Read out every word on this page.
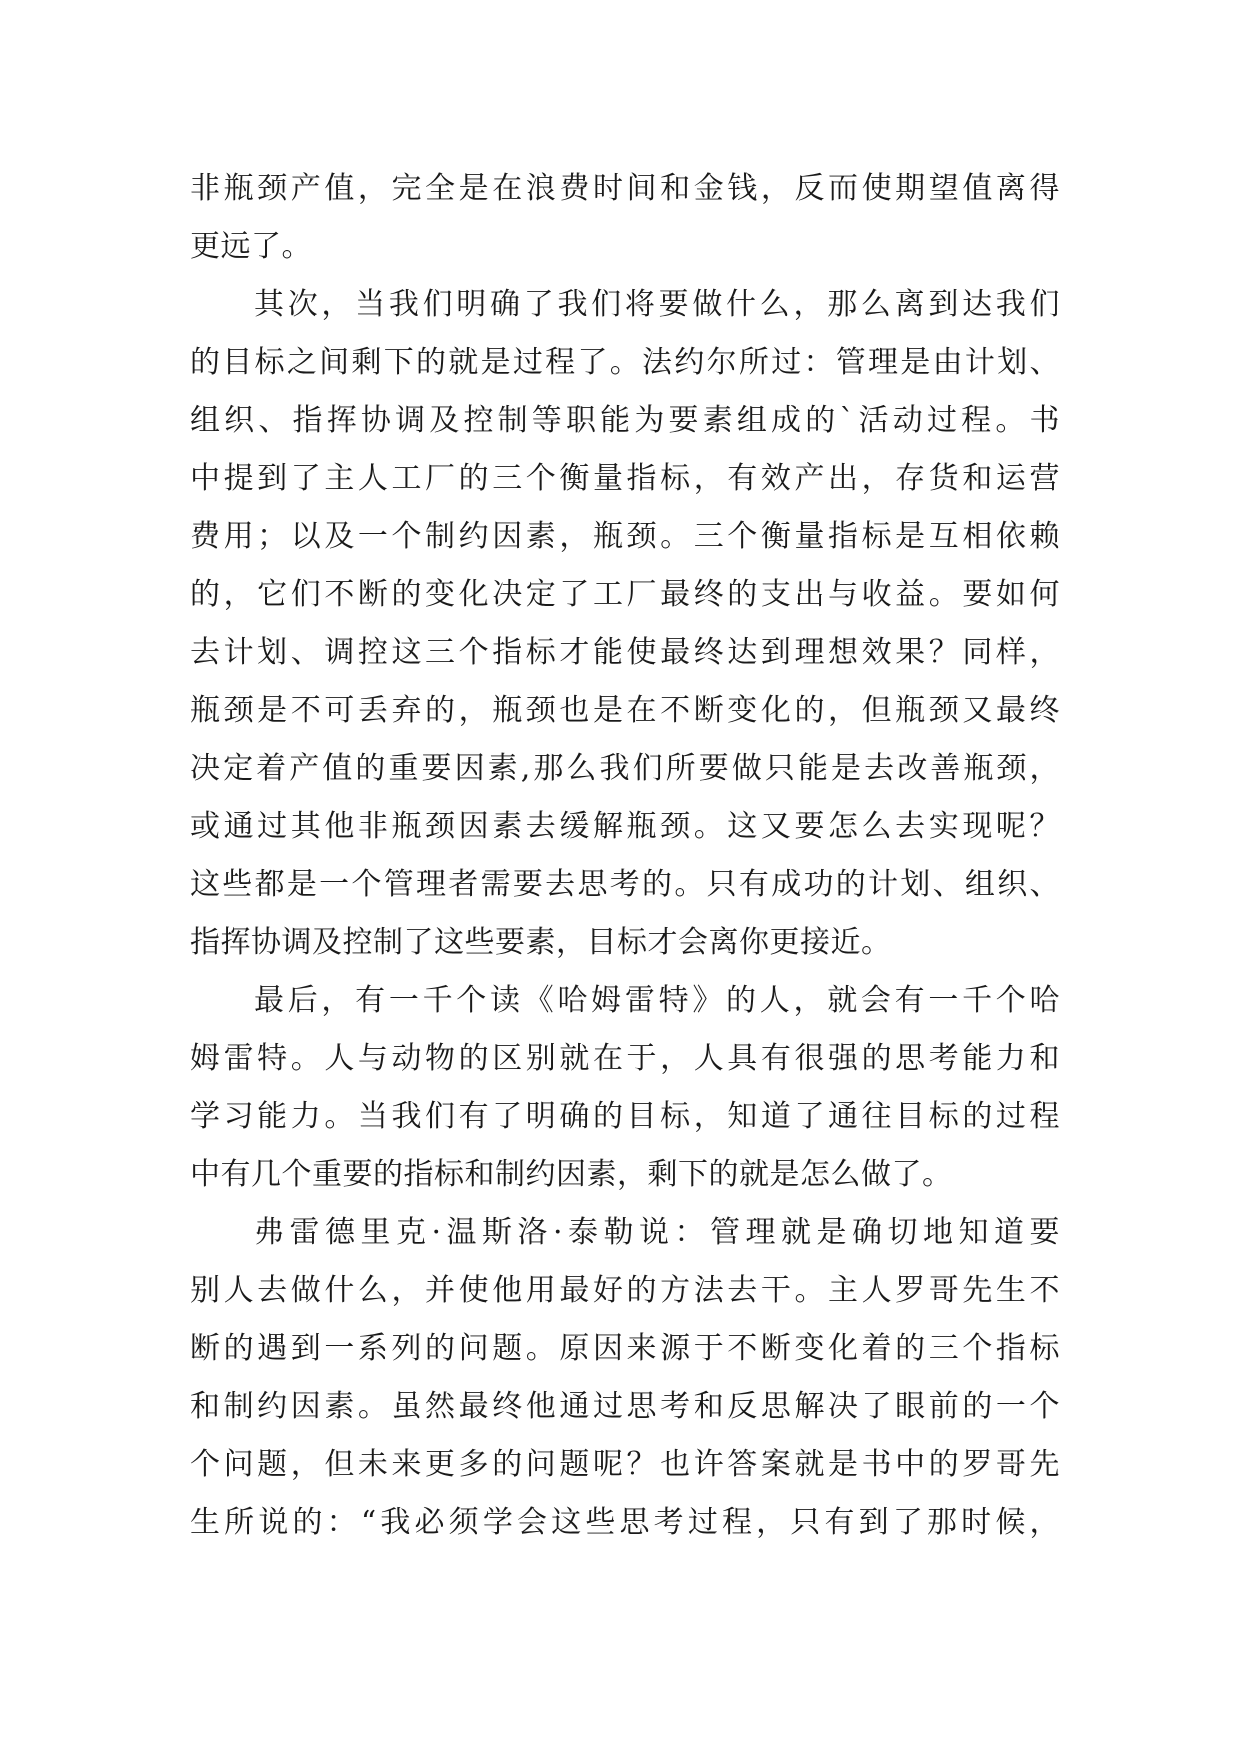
非瓶颈产值，完全是在浪费时间和金钱，反而使期望值离得
更远了。
其次，当我们明确了我们将要做什么，那么离到达我们
的目标之间剩下的就是过程了。法约尔所过：管理是由计划、
组织、指挥协调及控制等职能为要素组成的`活动过程。书
中提到了主人工厂的三个衡量指标，有效产出，存货和运营
费用；以及一个制约因素，瓶颈。三个衡量指标是互相依赖
的，它们不断的变化决定了工厂最终的支出与收益。要如何
去计划、调控这三个指标才能使最终达到理想效果？同样，
瓶颈是不可丢弃的，瓶颈也是在不断变化的，但瓶颈又最终
决定着产值的重要因素,那么我们所要做只能是去改善瓶颈，
或通过其他非瓶颈因素去缓解瓶颈。这又要怎么去实现呢？
这些都是一个管理者需要去思考的。只有成功的计划、组织、
指挥协调及控制了这些要素，目标才会离你更接近。
最后，有一千个读《哈姆雷特》的人，就会有一千个哈
姆雷特。人与动物的区别就在于，人具有很强的思考能力和
学习能力。当我们有了明确的目标，知道了通往目标的过程
中有几个重要的指标和制约因素，剩下的就是怎么做了。
弗雷德里克·温斯洛·泰勒说：管理就是确切地知道要
别人去做什么，并使他用最好的方法去干。主人罗哥先生不
断的遇到一系列的问题。原因来源于不断变化着的三个指标
和制约因素。虽然最终他通过思考和反思解决了眼前的一个
个问题，但未来更多的问题呢？也许答案就是书中的罗哥先
生所说的：“我必须学会这些思考过程，只有到了那时候，
